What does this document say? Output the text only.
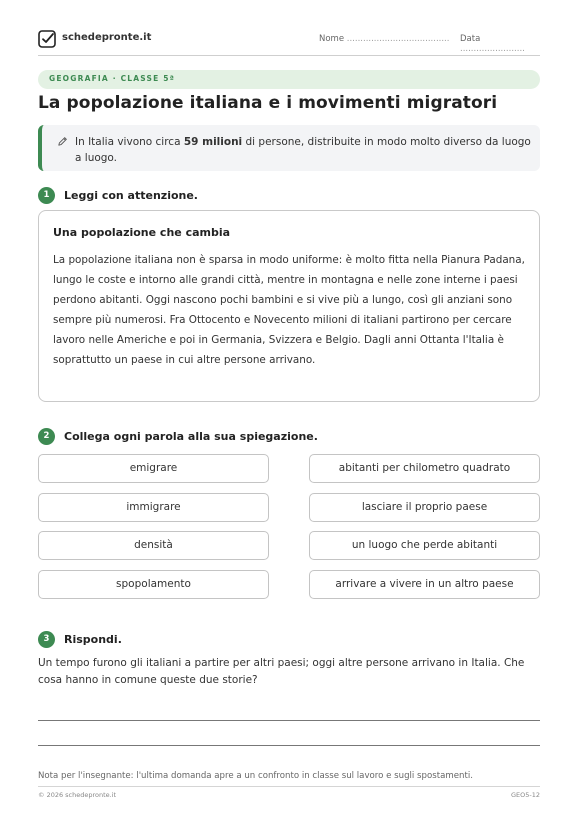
schedepronte.it	Nome ...................................... Data ........................
GEOGRAFIA · CLASSE 5ª
La popolazione italiana e i movimenti migratori

In Italia vivono circa 59 milioni di persone, distribuite in modo molto diverso da luogo a luogo.

1	Leggi con attenzione.
Una popolazione che cambia

La popolazione italiana non è sparsa in modo uniforme: è molto fitta nella Pianura Padana, lungo le coste e intorno alle grandi città, mentre in montagna e nelle zone interne i paesi perdono abitanti. Oggi nascono pochi bambini e si vive più a lungo, così gli anziani sono sempre più numerosi. Fra Ottocento e Novecento milioni di italiani partirono per cercare lavoro nelle Americhe e poi in Germania, Svizzera e Belgio. Dagli anni Ottanta l'Italia è soprattutto un paese in cui altre persone arrivano.

2	Collega ogni parola alla sua spiegazione.
emigrare
immigrare
densità
spopolamento
abitanti per chilometro quadrato
lasciare il proprio paese
un luogo che perde abitanti
arrivare a vivere in un altro paese
3	Rispondi.

Un tempo furono gli italiani a partire per altri paesi; oggi altre persone arrivano in Italia. Che cosa hanno in comune queste due storie?

Nota per l'insegnante: l'ultima domanda apre a un confronto in classe sul lavoro e sugli spostamenti.
© 2026 schedepronte.it	GEO5-12
